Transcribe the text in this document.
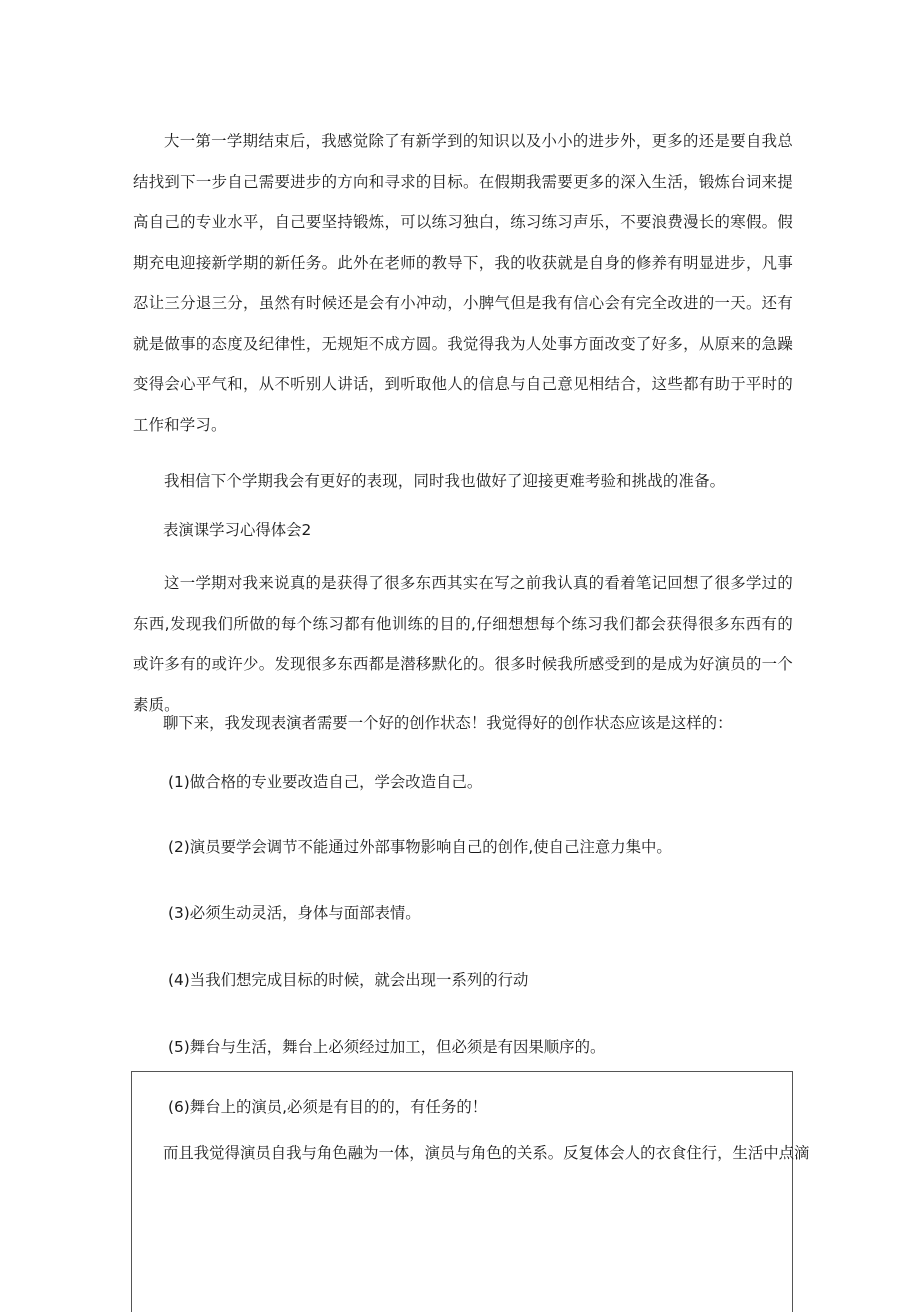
大一第一学期结束后，我感觉除了有新学到的知识以及小小的进步外，更多的还是要自我总结找到下一步自己需要进步的方向和寻求的目标。在假期我需要更多的深入生活，锻炼台词来提高自己的专业水平，自己要坚持锻炼，可以练习独白，练习练习声乐，不要浪费漫长的寒假。假期充电迎接新学期的新任务。此外在老师的教导下，我的收获就是自身的修养有明显进步，凡事忍让三分退三分，虽然有时候还是会有小冲动，小脾气但是我有信心会有完全改进的一天。还有就是做事的态度及纪律性，无规矩不成方圆。我觉得我为人处事方面改变了好多，从原来的急躁变得会心平气和，从不听别人讲话，到听取他人的信息与自己意见相结合，这些都有助于平时的工作和学习。

我相信下个学期我会有更好的表现，同时我也做好了迎接更难考验和挑战的准备。

表演课学习心得体会2

这一学期对我来说真的是获得了很多东西其实在写之前我认真的看着笔记回想了很多学过的东西,发现我们所做的每个练习都有他训练的目的,仔细想想每个练习我们都会获得很多东西有的或许多有的或许少。发现很多东西都是潜移默化的。很多时候我所感受到的是成为好演员的一个素质。

聊下来，我发现表演者需要一个好的创作状态！我觉得好的创作状态应该是这样的：

(1)做合格的专业要改造自己，学会改造自己。

(2)演员要学会调节不能通过外部事物影响自己的创作,使自己注意力集中。

(3)必须生动灵活，身体与面部表情。

(4)当我们想完成目标的时候，就会出现一系列的行动

(5)舞台与生活，舞台上必须经过加工，但必须是有因果顺序的。

(6)舞台上的演员,必须是有目的的，有任务的！

而且我觉得演员自我与角色融为一体，演员与角色的关系。反复体会人的衣食住行，生活中点滴
